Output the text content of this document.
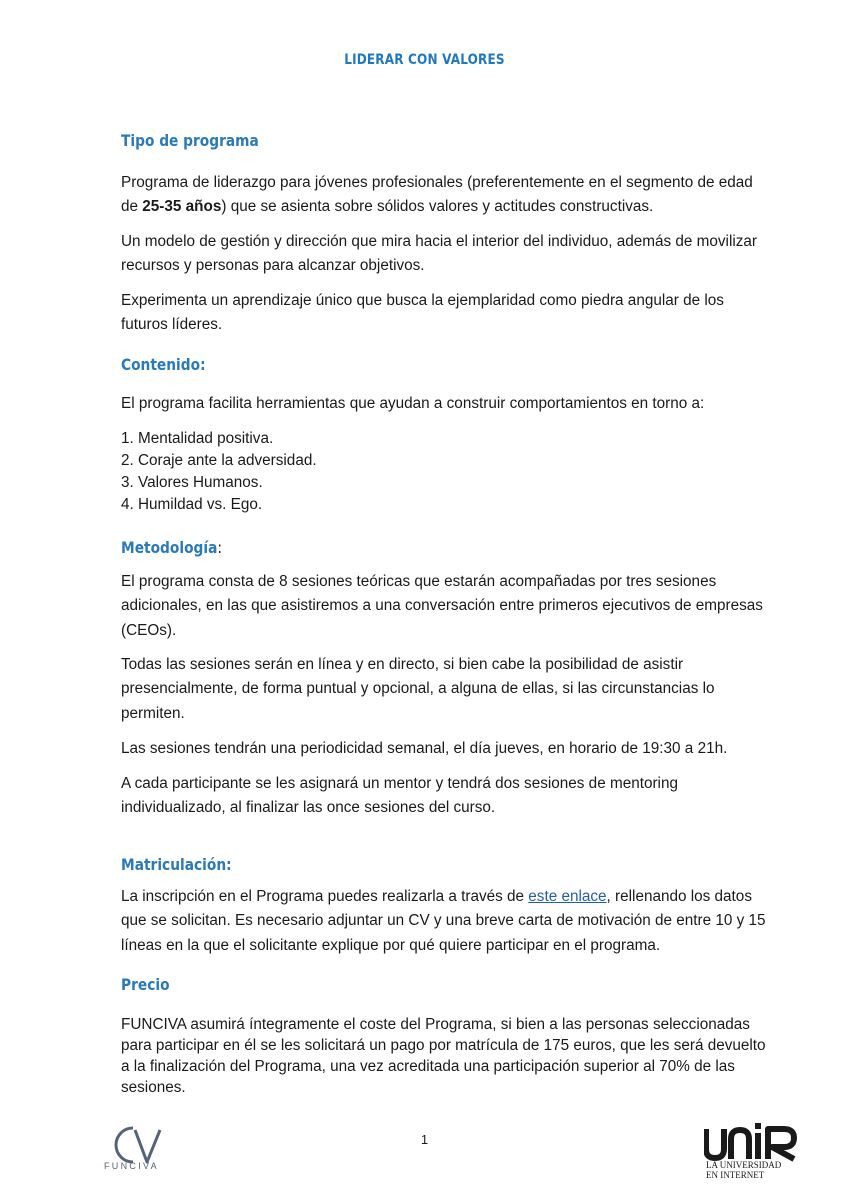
LIDERAR CON VALORES
Tipo de programa

Programa de liderazgo para jóvenes profesionales (preferentemente en el segmento de edad de 25-35 años) que se asienta sobre sólidos valores y actitudes constructivas.

Un modelo de gestión y dirección que mira hacia el interior del individuo, además de movilizar recursos y personas para alcanzar objetivos.

Experimenta un aprendizaje único que busca la ejemplaridad como piedra angular de los futuros líderes.

Contenido:

El programa facilita herramientas que ayudan a construir comportamientos en torno a:

1. Mentalidad positiva.
2. Coraje ante la adversidad.
3. Valores Humanos.
4. Humildad vs. Ego.
Metodología:

El programa consta de 8 sesiones teóricas que estarán acompañadas por tres sesiones adicionales, en las que asistiremos a una conversación entre primeros ejecutivos de empresas (CEOs).

Todas las sesiones serán en línea y en directo, si bien cabe la posibilidad de asistir presencialmente, de forma puntual y opcional, a alguna de ellas, si las circunstancias lo permiten.

Las sesiones tendrán una periodicidad semanal, el día jueves, en horario de 19:30 a 21h.

A cada participante se les asignará un mentor y tendrá dos sesiones de mentoring individualizado, al finalizar las once sesiones del curso.

Matriculación:

La inscripción en el Programa puedes realizarla a través de este enlace, rellenando los datos que se solicitan. Es necesario adjuntar un CV y una breve carta de motivación de entre 10 y 15 líneas en la que el solicitante explique por qué quiere participar en el programa.

Precio

FUNCIVA asumirá íntegramente el coste del Programa, si bien a las personas seleccionadas para participar en él se les solicitará un pago por matrícula de 175 euros, que les será devuelto a la finalización del Programa, una vez acreditada una participación superior al 70% de las sesiones.

FUNCIVA
1
LA UNIVERSIDAD
EN INTERNET
